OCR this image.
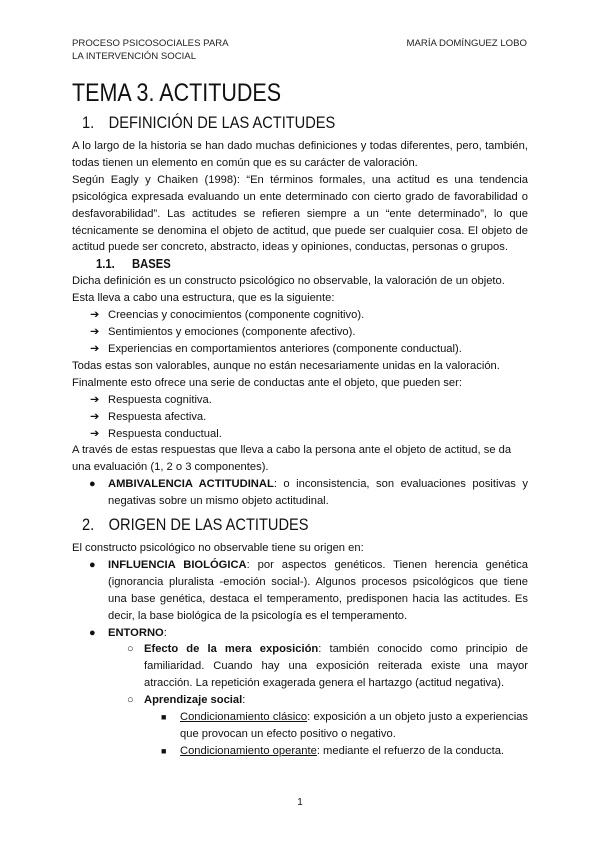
PROCESO PSICOSOCIALES PARA
LA INTERVENCIÓN SOCIAL
MARÍA DOMÍNGUEZ LOBO
TEMA 3. ACTITUDES
1. DEFINICIÓN DE LAS ACTITUDES

A lo largo de la historia se han dado muchas definiciones y todas diferentes, pero, también, todas tienen un elemento en común que es su carácter de valoración.

Según Eagly y Chaiken (1998): “En términos formales, una actitud es una tendencia psicológica expresada evaluando un ente determinado con cierto grado de favorabilidad o desfavorabilidad”. Las actitudes se refieren siempre a un “ente determinado”, lo que técnicamente se denomina el objeto de actitud, que puede ser cualquier cosa. El objeto de actitud puede ser concreto, abstracto, ideas y opiniones, conductas, personas o grupos.

1.1. BASES

Dicha definición es un constructo psicológico no observable, la valoración de un objeto. Esta lleva a cabo una estructura, que es la siguiente:

➔ Creencias y conocimientos (componente cognitivo).
➔ Sentimientos y emociones (componente afectivo).
➔ Experiencias en comportamientos anteriores (componente conductual).

Todas estas son valorables, aunque no están necesariamente unidas en la valoración.

Finalmente esto ofrece una serie de conductas ante el objeto, que pueden ser:

➔ Respuesta cognitiva.
➔ Respuesta afectiva.
➔ Respuesta conductual.

A través de estas respuestas que lleva a cabo la persona ante el objeto de actitud, se da una evaluación (1, 2 o 3 componentes).

● AMBIVALENCIA ACTITUDINAL: o inconsistencia, son evaluaciones positivas y negativas sobre un mismo objeto actitudinal.
2. ORIGEN DE LAS ACTITUDES

El constructo psicológico no observable tiene su origen en:

● INFLUENCIA BIOLÓGICA: por aspectos genéticos. Tienen herencia genética (ignorancia pluralista -emoción social-). Algunos procesos psicológicos que tiene una base genética, destaca el temperamento, predisponen hacia las actitudes. Es decir, la base biológica de la psicología es el temperamento.
● ENTORNO:
○ Efecto de la mera exposición: también conocido como principio de familiaridad. Cuando hay una exposición reiterada existe una mayor atracción. La repetición exagerada genera el hartazgo (actitud negativa).
○ Aprendizaje social:
■ Condicionamiento clásico: exposición a un objeto justo a experiencias que provocan un efecto positivo o negativo.
■ Condicionamiento operante: mediante el refuerzo de la conducta.
1
